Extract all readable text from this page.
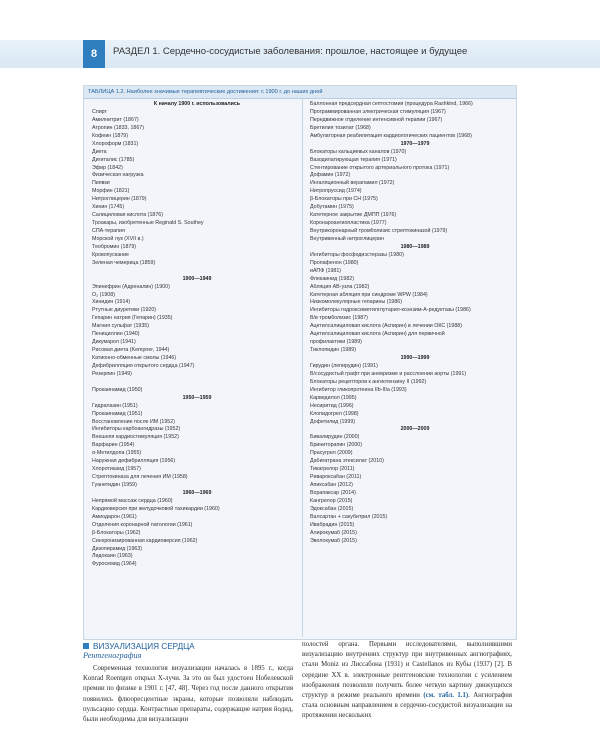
8	РАЗДЕЛ 1. Сердечно-сосудистые заболевания: прошлое, настоящее и будущее
ТАБЛИЦА 1.2. Наиболее значимые терапевтические достижения: с 1900 г. до наших дней
К началу 1900 г. использовались
Спирт
Амилнитрит (1867)
Атропин (1833, 1867)
Кофеин (1879)
Хлороформ (1831)
Диета
Дигиталис (1785)
Эфир (1842)
Физическая нагрузка
Пиявки
Морфин (1821)
Нитроглицерин (1879)
Хинин (1745)
Салициловая кислота (1876)
Троакары, изобретенные Reginald S. Southey
СПА-терапия
Морской лук (XVII в.)
Теобромин (1879)
Кровопускание
Зеленая чемерица (1859)
1900—1949
Эпинефрин (Адреналин) (1900)
O₂ (1908)
Хинидин (1914)
Ртутные диуретики (1920)
Гепарин натрия (Гепарин) (1935)
Магния сульфат (1935)
Пенициллин (1940)
Дикумарол (1941)
Рисовая диета (Kempner, 1944)
Катионно-обменные смолы (1946)
Дефибрилляция открытого сердца (1947)
Резерпин (1949)
Прокаинамид (1950)
1950—1959
Гидралазин (1951)
Прокаинамид (1951)
Восстановление после ИМ (1952)
Ингибиторы карбоангидразы (1952)
Внешняя кардиостимуляция (1952)
Варфарин (1954)
α-Метилдопа (1955)
Наружная дефибрилляция (1956)
Хлоротиазид (1957)
Стрептокиназа для лечения ИМ (1958)
Гуанетидин (1959)
1960—1969
Непрямой массаж сердца (1960)
Кардиоверсия при желудочковой тахикардии (1960)
Амиодарон (1961)
Отделения коронарной патологии (1961)
β-Блокаторы (1962)
Синхронизированная кардиоверсия (1962)
Дизопирамид (1963)
Лидокаин (1963)
Фуросемид (1964)
Баллонная предсердная септостомия (процедура Rashkind, 1966)
Программированная электрическая стимуляция (1967)
Передвижное отделение интенсивной терапии (1967)
Бретилия тозилат (1968)
Амбулаторная реабилитация кардиологических пациентов (1968)
1970—1979
Блокаторы кальциевых каналов (1970)
Вазодилатирующая терапия (1971)
Стентирование открытого артериального протока (1971)
Дофамин (1972)
Ингаляционный верапамил (1972)
Нитропруссид (1974)
β-Блокаторы при СН (1975)
Добутамин (1975)
Катетерное закрытие ДМПП (1976)
Коронароангиопластика (1977)
Внутрикоронарный тромболизис стрептокиназой (1979)
Внутривенный нитроглицерин
1980—1989
Ингибиторы фосфодиэстеразы (1980)
Пропафенон (1980)
иАПФ (1981)
Флекаинид (1982)
Абляция АВ-узла (1982)
Катетерная абляция при синдроме WPW (1984)
Низкомолекулярные гепарины (1986)
Ингибиторы гидроксиметилглутарил-коэнзим-А-редуктазы (1986)
В/в тромболизис (1987)
Ацетилсалициловая кислота (Аспирин) в лечении ОКС (1988)
Ацетилсалициловая кислота (Аспирин) для первичной
профилактики (1989)
Тиклопидин (1989)
1990—1999
Гирудин (лепирудин) (1991)
В/сосудистый графт при аневризме и расслоении аорты (1991)
Блокаторы рецепторов к ангиотензину II (1992)
Ингибитор гликопротеина IIb-IIIa (1993)
Карведилол (1995)
Несиритид (1996)
Клопидогрел (1998)
Дофетилид (1999)
2000—2009
Бивалирудин (2000)
Бриниторапин (2000)
Прасугрел (2009)
Дабигатрана этексилат (2010)
Тикагрелор (2011)
Ривароксабан (2011)
Апиксабан (2012)
Ворапаксар (2014)
Кангрелор (2015)
Эдоксабан (2015)
Валсартан + сакубитрил (2015)
Ивабрадин (2015)
Алирокумаб (2015)
Эволокумаб (2015)
ВИЗУАЛИЗАЦИЯ СЕРДЦА
Рентгенография

Современная технология визуализации началась в 1895 г., когда Konrad Roentgen открыл Х-лучи. За это он был удостоен Нобелевской премии по физике в 1901 г. [47, 48]. Через год после данного открытия появились флюоресцентные экраны, которые позволяли наблюдать пульсацию сердца. Контрастные препараты, содержащие натрия йодид, были необходимы для визуализации

полостей органа. Первыми исследователями, выполнившими визуализацию внутренних структур при внутривенных ангиографиях, стали Moniz из Лиссабона (1931) и Castellanos из Кубы (1937) [2]. В середине XX в. электронные рентгеновские технологии с усилением изображения позволили получить более четкую картину движущихся структур в режиме реального времени (см. табл. 1.1). Ангиография стала основным направлением в сердечно-сосудистой визуализации на протяжении нескольких
